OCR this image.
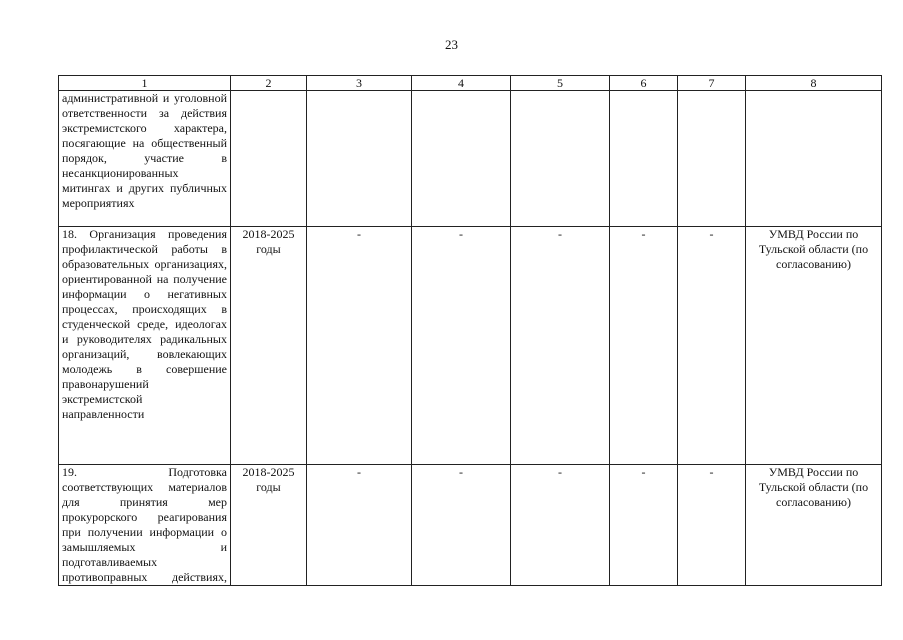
23
1	2	3	4	5	6	7	8
административной и уголовной ответственности за действия экстремистского характера, посягающие на общественный порядок, участие в несанкционированных митингах и других публичных мероприятиях							
18. Организация проведения профилактической работы в образовательных организациях, ориентированной на получение информации о негативных процессах, происходящих в студенческой среде, идеологах и руководителях радикальных организаций, вовлекающих молодежь в совершение правонарушений экстремистской направленности	2018-2025 годы	-	-	-	-	-	УМВД России по Тульской области (по согласованию)
19. Подготовка соответствующих материалов для принятия мер прокурорского реагирования при получении информации о замышляемых и подготавливаемых противоправных действиях,	2018-2025 годы	-	-	-	-	-	УМВД России по Тульской области (по согласованию)
